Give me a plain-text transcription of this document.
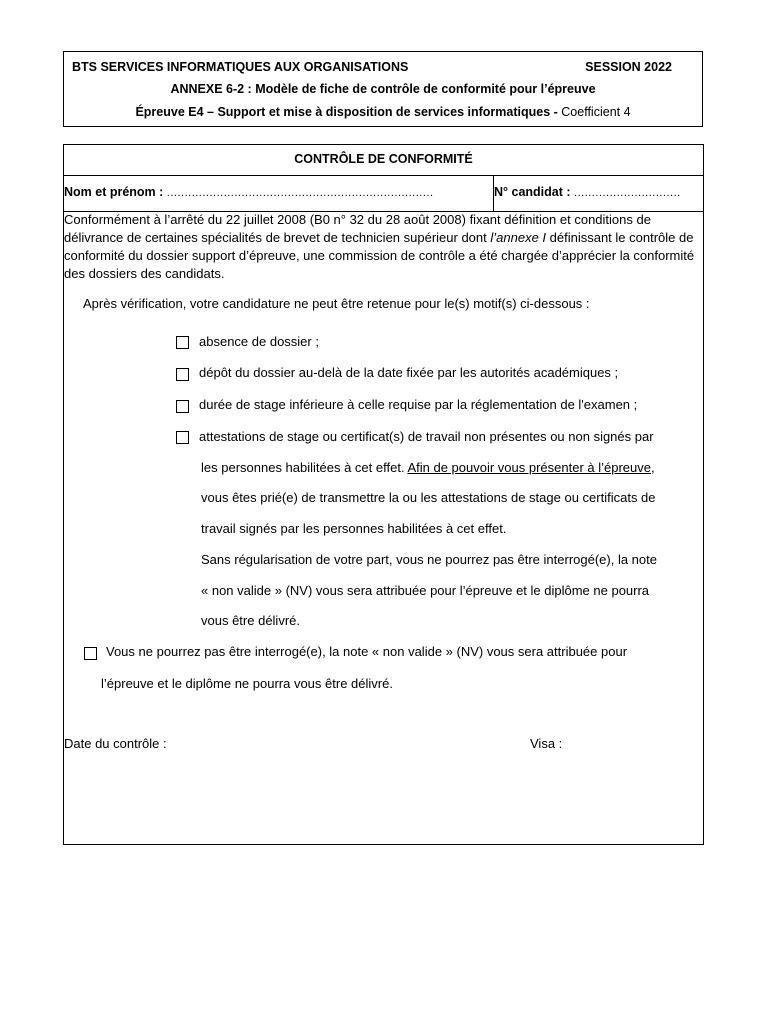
BTS SERVICES INFORMATIQUES AUX ORGANISATIONS	SESSION 2022
ANNEXE 6-2 : Modèle de fiche de contrôle de conformité pour l’épreuve
Épreuve E4 – Support et mise à disposition de services informatiques - Coefficient 4
CONTRÔLE DE CONFORMITÉ
Nom et prénom : ...........................................................................	N° candidat : ..............................

Conformément à l’arrêté du 22 juillet 2008 (B0 n° 32 du 28 août 2008) fixant définition et conditions de délivrance de certaines spécialités de brevet de technicien supérieur dont l’annexe I définissant le contrôle de conformité du dossier support d’épreuve, une commission de contrôle a été chargée d’apprécier la conformité des dossiers des candidats.

Après vérification, votre candidature ne peut être retenue pour le(s) motif(s) ci-dessous :
absence de dossier ;
dépôt du dossier au-delà de la date fixée par les autorités académiques ;
durée de stage inférieure à celle requise par la réglementation de l'examen ;
attestations de stage ou certificat(s) de travail non présentes ou non signés par
les personnes habilitées à cet effet. Afin de pouvoir vous présenter à l’épreuve,
vous êtes prié(e) de transmettre la ou les attestations de stage ou certificats de
travail signés par les personnes habilitées à cet effet.
Sans régularisation de votre part, vous ne pourrez pas être interrogé(e), la note
« non valide » (NV) vous sera attribuée pour l’épreuve et le diplôme ne pourra
vous être délivré.
Vous ne pourrez pas être interrogé(e), la note « non valide » (NV) vous sera attribuée pour
l’épreuve et le diplôme ne pourra vous être délivré.
Date du contrôle :	Visa :
